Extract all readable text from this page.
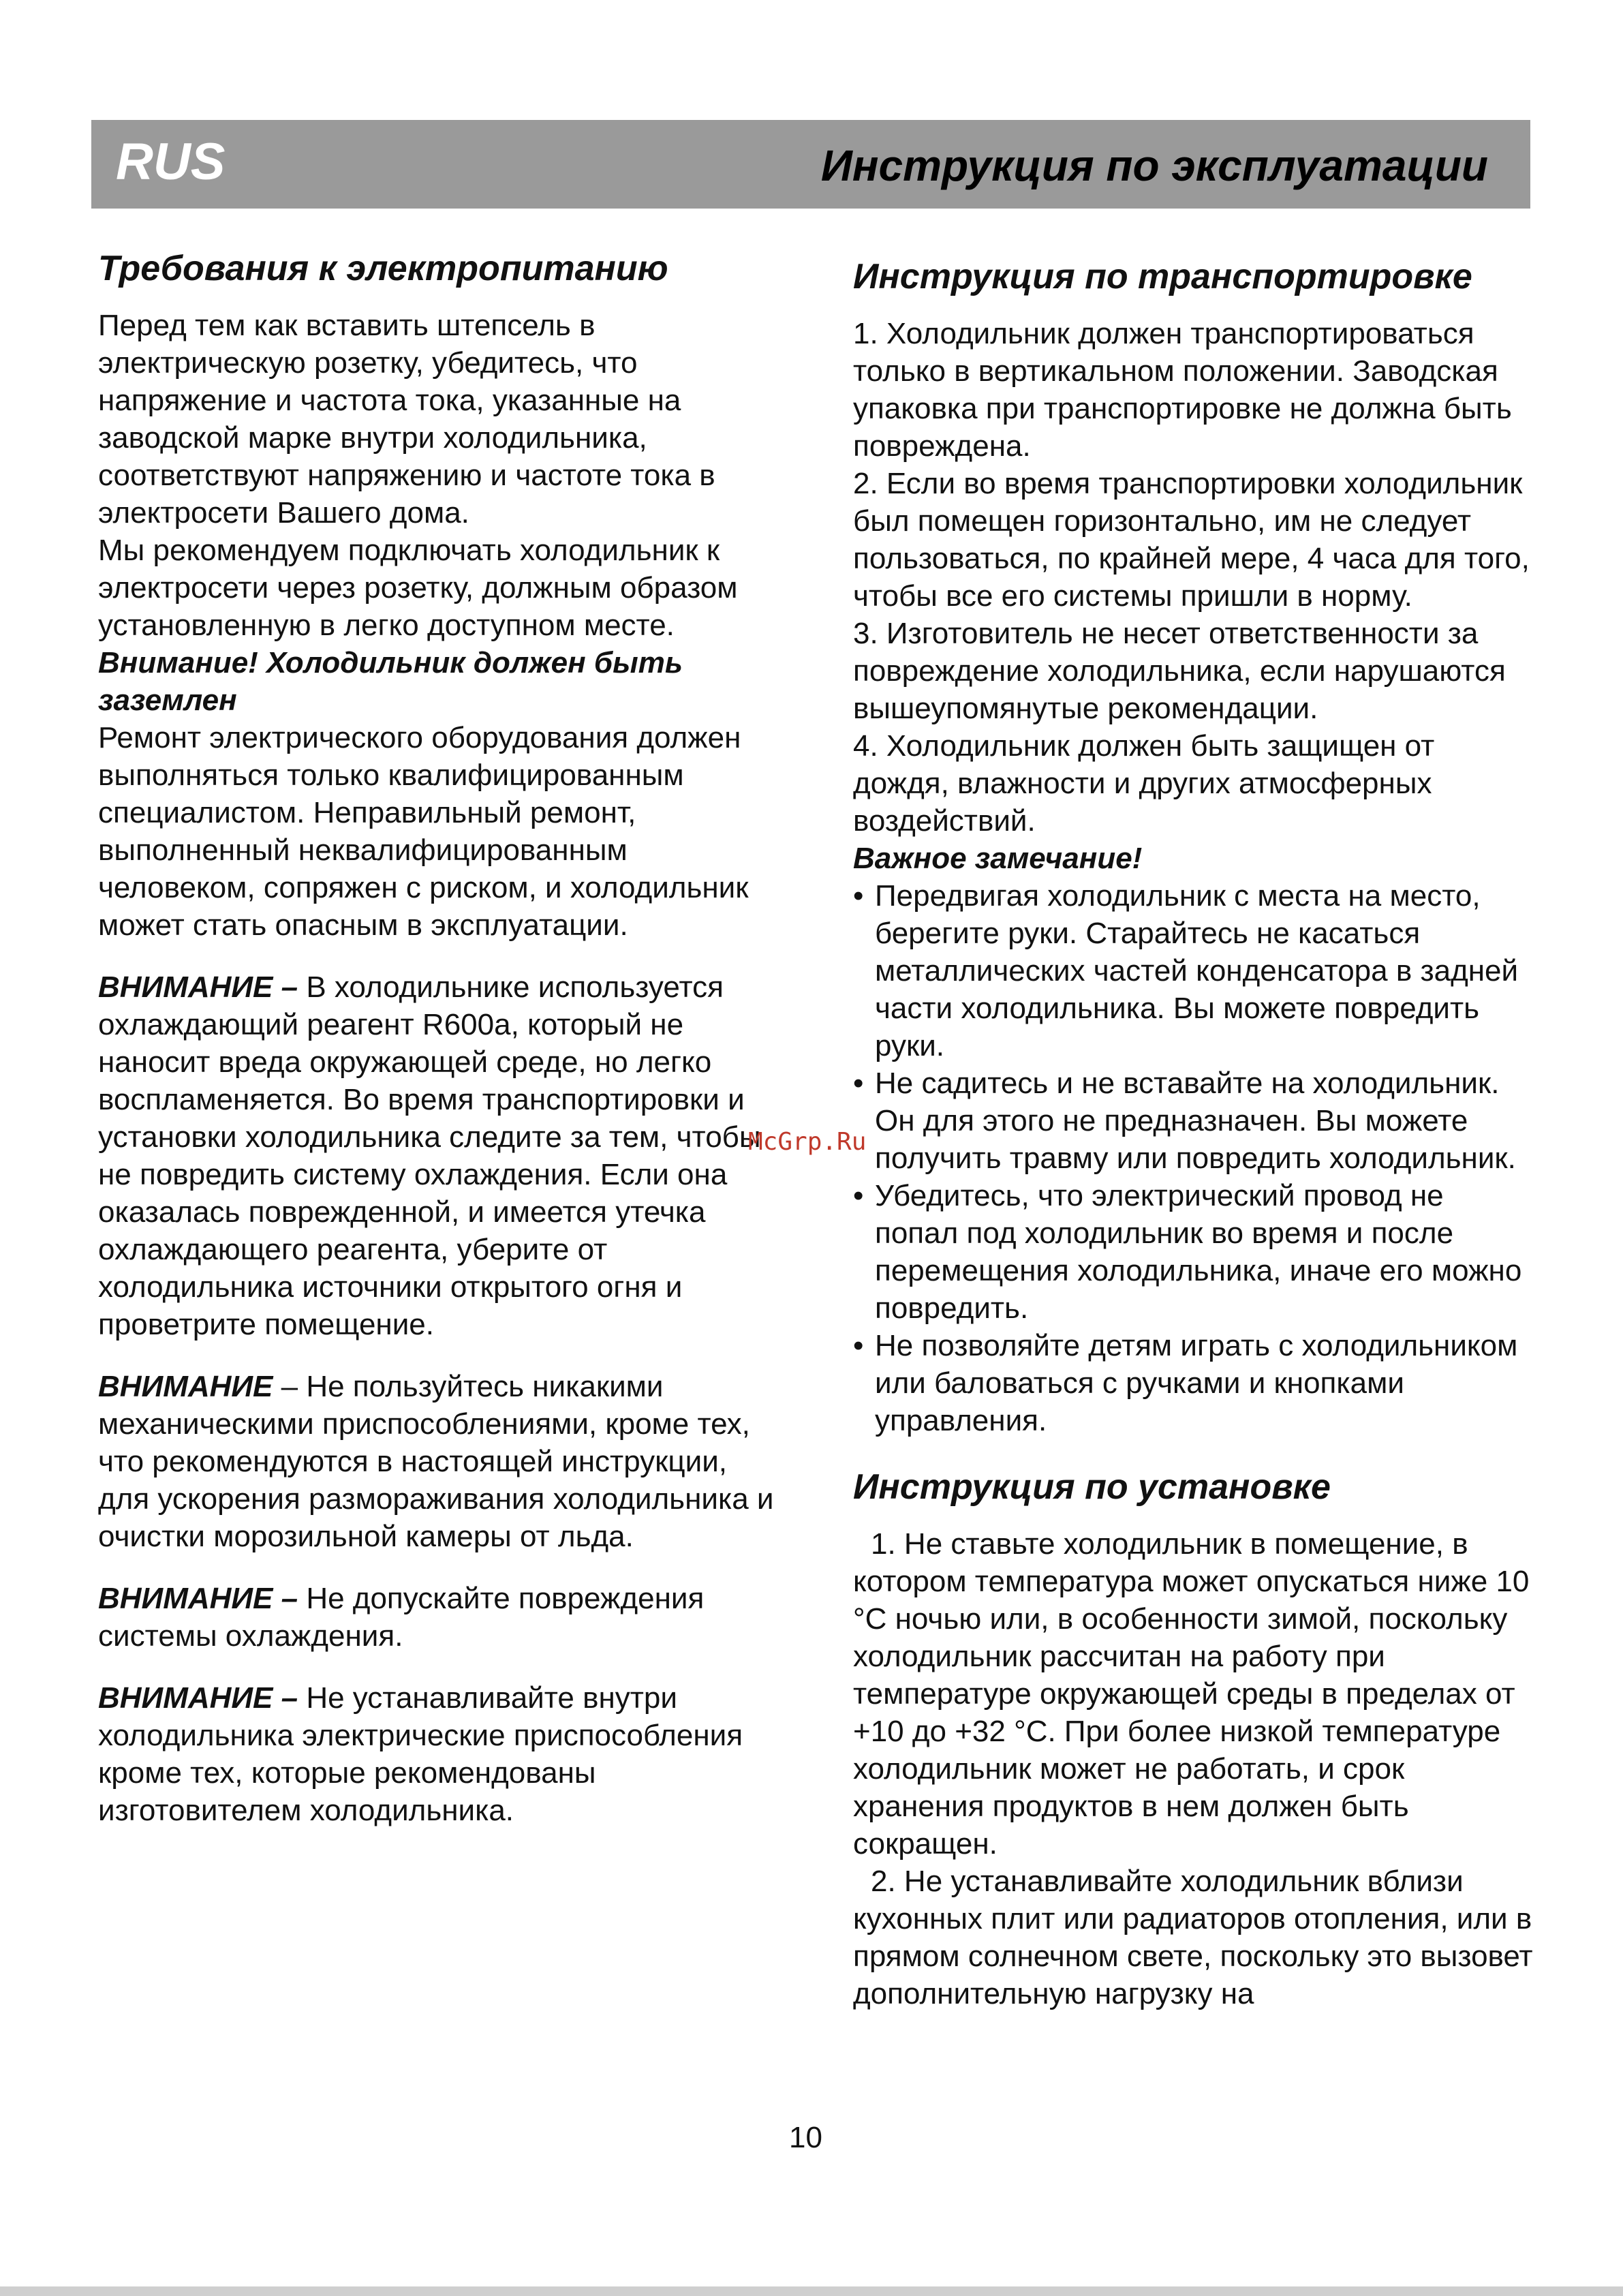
RUS	Инструкция по эксплуатации
Требования к электропитанию

Перед тем как вставить штепсель в электрическую розетку, убедитесь, что напряжение и частота тока, указанные на заводской марке внутри холодильника, соответствуют напряжению и частоте тока в электросети Вашего дома.

Мы рекомендуем подключать холодильник к электросети через розетку, должным образом установленную в легко доступном месте.

Внимание! Холодильник должен быть заземлен

Ремонт электрического оборудования должен выполняться только квалифицированным специалистом. Неправильный ремонт, выполненный неквалифицированным человеком, сопряжен с риском, и холодильник может стать опасным в эксплуатации.

ВНИМАНИЕ – В холодильнике используется охлаждающий реагент R600a, который не наносит вреда окружающей среде, но легко воспламеняется. Во время транспортировки и установки холодильника следите за тем, чтобы не повредить систему охлаждения. Если она оказалась поврежденной, и имеется утечка охлаждающего реагента, уберите от холодильника источники открытого огня и проветрите помещение.

ВНИМАНИЕ – Не пользуйтесь никакими механическими приспособлениями, кроме тех, что рекомендуются в настоящей инструкции, для ускорения размораживания холодильника и очистки морозильной камеры от льда.

ВНИМАНИЕ – Не допускайте повреждения системы охлаждения.

ВНИМАНИЕ – Не устанавливайте внутри холодильника электрические приспособления кроме тех, которые рекомендованы изготовителем холодильника.

Инструкция по транспортировке

1. Холодильник должен транспортироваться только в вертикальном положении. Заводская упаковка при транспортировке не должна быть повреждена.

2. Если во время транспортировки холодильник был помещен горизонтально, им не следует пользоваться, по крайней мере, 4 часа для того, чтобы все его системы пришли в норму.

3. Изготовитель не несет ответственности за повреждение холодильника, если нарушаются вышеупомянутые рекомендации.

4. Холодильник должен быть защищен от дождя, влажности и других атмосферных воздействий.

Важное замечание!

• Передвигая холодильник с места на место, берегите руки. Старайтесь не касаться металлических частей конденсатора в задней части холодильника. Вы можете повредить руки.
• Не садитесь и не вставайте на холодильник. Он для этого не предназначен. Вы можете получить травму или повредить холодильник.
• Убедитесь, что электрический провод не попал под холодильник во время и после перемещения холодильника, иначе его можно повредить.
• Не позволяйте детям играть с холодильником или баловаться с ручками и кнопками управления.
Инструкция по установке

1. Не ставьте холодильник в помещение, в котором температура может опускаться ниже 10 °С ночью или, в особенности зимой, поскольку холодильник рассчитан на работу при температуре окружающей среды в пределах от +10 до +32 °С. При более низкой температуре холодильник может не работать, и срок хранения продуктов в нем должен быть сокращен.

2. Не устанавливайте холодильник вблизи кухонных плит или радиаторов отопления, или в прямом солнечном свете, поскольку это вызовет дополнительную нагрузку на

McGrp.Ru
10
